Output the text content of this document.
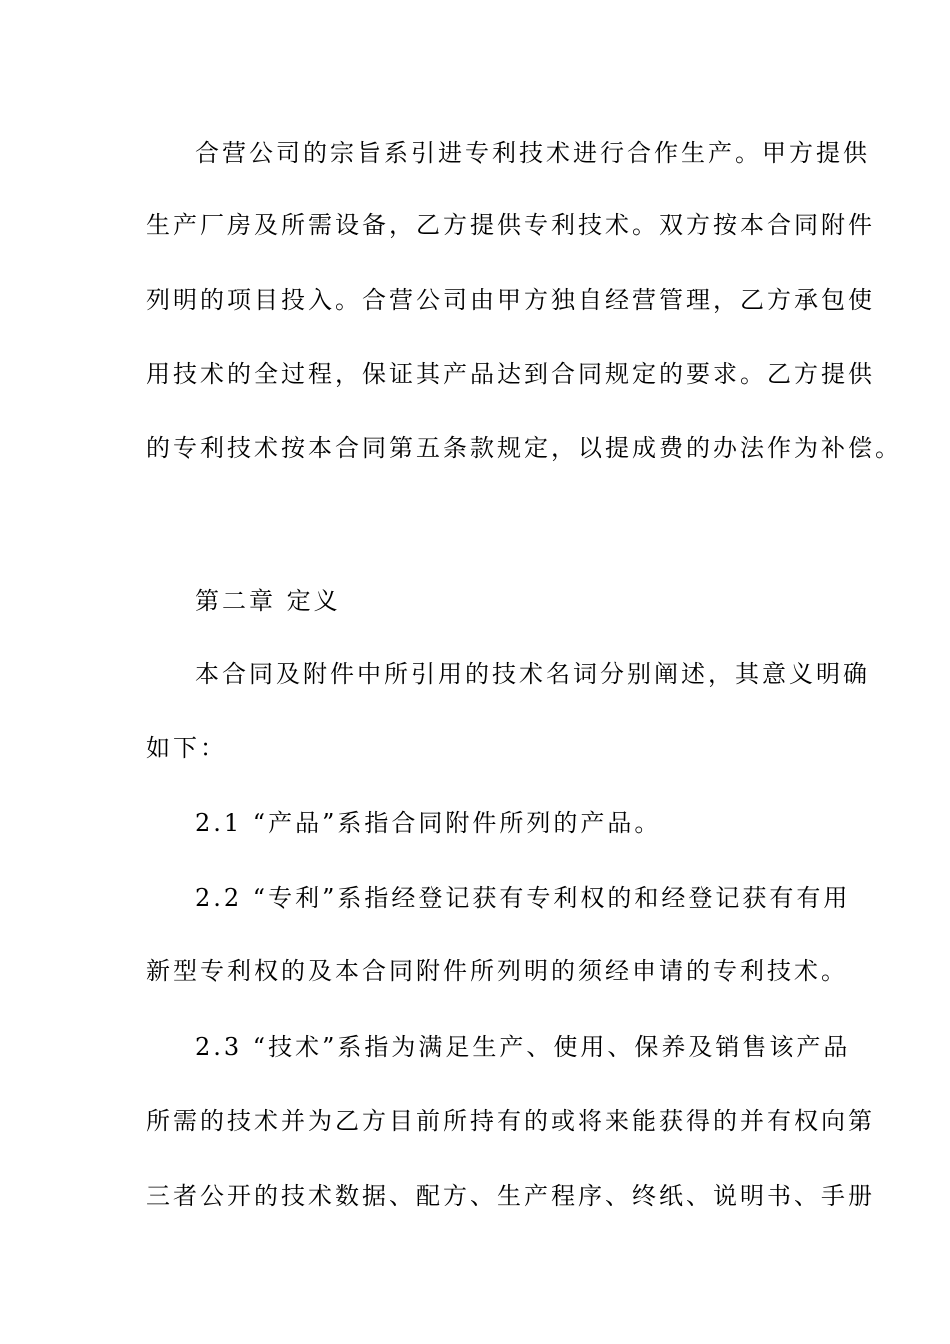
合营公司的宗旨系引进专利技术进行合作生产。甲方提供
生产厂房及所需设备，乙方提供专利技术。双方按本合同附件
列明的项目投入。合营公司由甲方独自经营管理，乙方承包使
用技术的全过程，保证其产品达到合同规定的要求。乙方提供
的专利技术按本合同第五条款规定，以提成费的办法作为补偿。
第二章 定义
本合同及附件中所引用的技术名词分别阐述，其意义明确
如下：
2.1 “产品”系指合同附件所列的产品。
2.2 “专利”系指经登记获有专利权的和经登记获有有用
新型专利权的及本合同附件所列明的须经申请的专利技术。
2.3 “技术”系指为满足生产、使用、保养及销售该产品
所需的技术并为乙方目前所持有的或将来能获得的并有权向第
三者公开的技术数据、配方、生产程序、终纸、说明书、手册
